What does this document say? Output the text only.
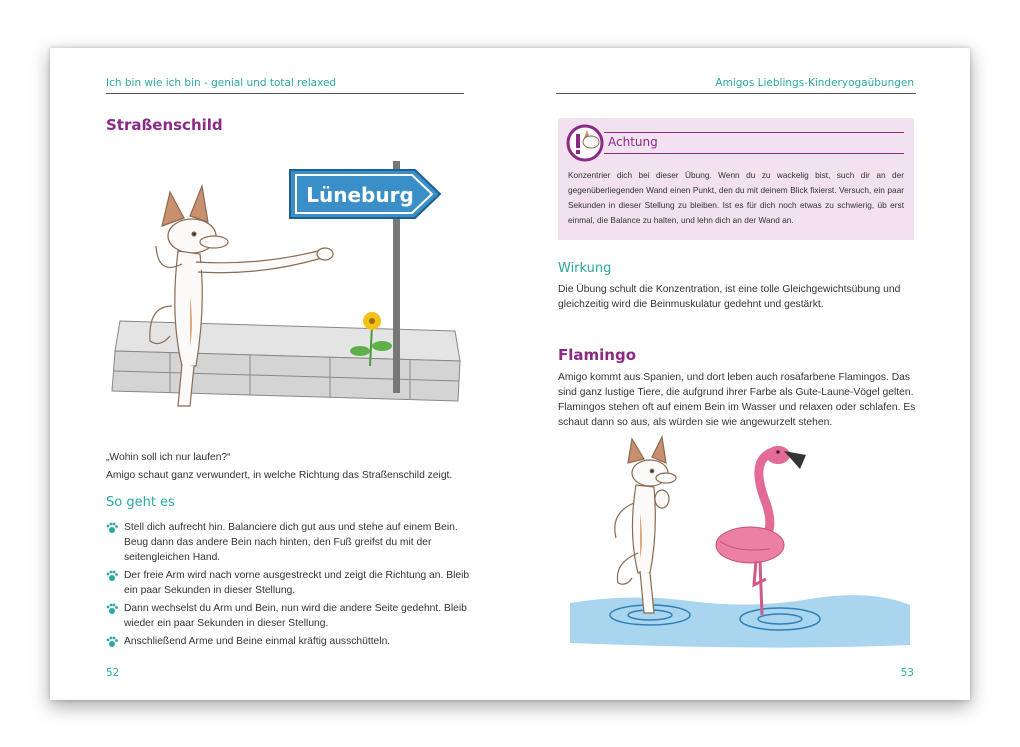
Ich bin wie ich bin - genial und total relaxed
Straßenschild
Lüneburg

„Wohin soll ich nur laufen?“

Amigo schaut ganz verwundert, in welche Richtung das Straßenschild zeigt.

So geht es
Stell dich aufrecht hin. Balanciere dich gut aus und stehe auf einem Bein. Beug dann das andere Bein nach hinten, den Fuß greifst du mit der seitengleichen Hand.
Der freie Arm wird nach vorne ausgestreckt und zeigt die Richtung an. Bleib ein paar Sekunden in dieser Stellung.
Dann wechselst du Arm und Bein, nun wird die andere Seite gedehnt. Bleib wieder ein paar Sekunden in dieser Stellung.
Anschließend Arme und Beine einmal kräftig ausschütteln.
52
Amigos Lieblings-Kinderyogaübungen
Achtung

Konzentrier dich bei dieser Übung. Wenn du zu wackelig bist, such dir an der gegenüberliegenden Wand einen Punkt, den du mit deinem Blick fixierst. Versuch, ein paar Sekunden in dieser Stellung zu bleiben. Ist es für dich noch etwas zu schwierig, üb erst einmal, die Balance zu halten, und lehn dich an der Wand an.

Wirkung

Die Übung schult die Konzentration, ist eine tolle Gleichgewichtsübung und gleichzeitig wird die Beinmuskulatur gedehnt und gestärkt.

Flamingo

Amigo kommt aus Spanien, und dort leben auch rosafarbene Flamingos. Das sind ganz lustige Tiere, die aufgrund ihrer Farbe als Gute-Laune-Vögel gelten. Flamingos stehen oft auf einem Bein im Wasser und relaxen oder schlafen. Es schaut dann so aus, als würden sie wie angewurzelt stehen.

53
